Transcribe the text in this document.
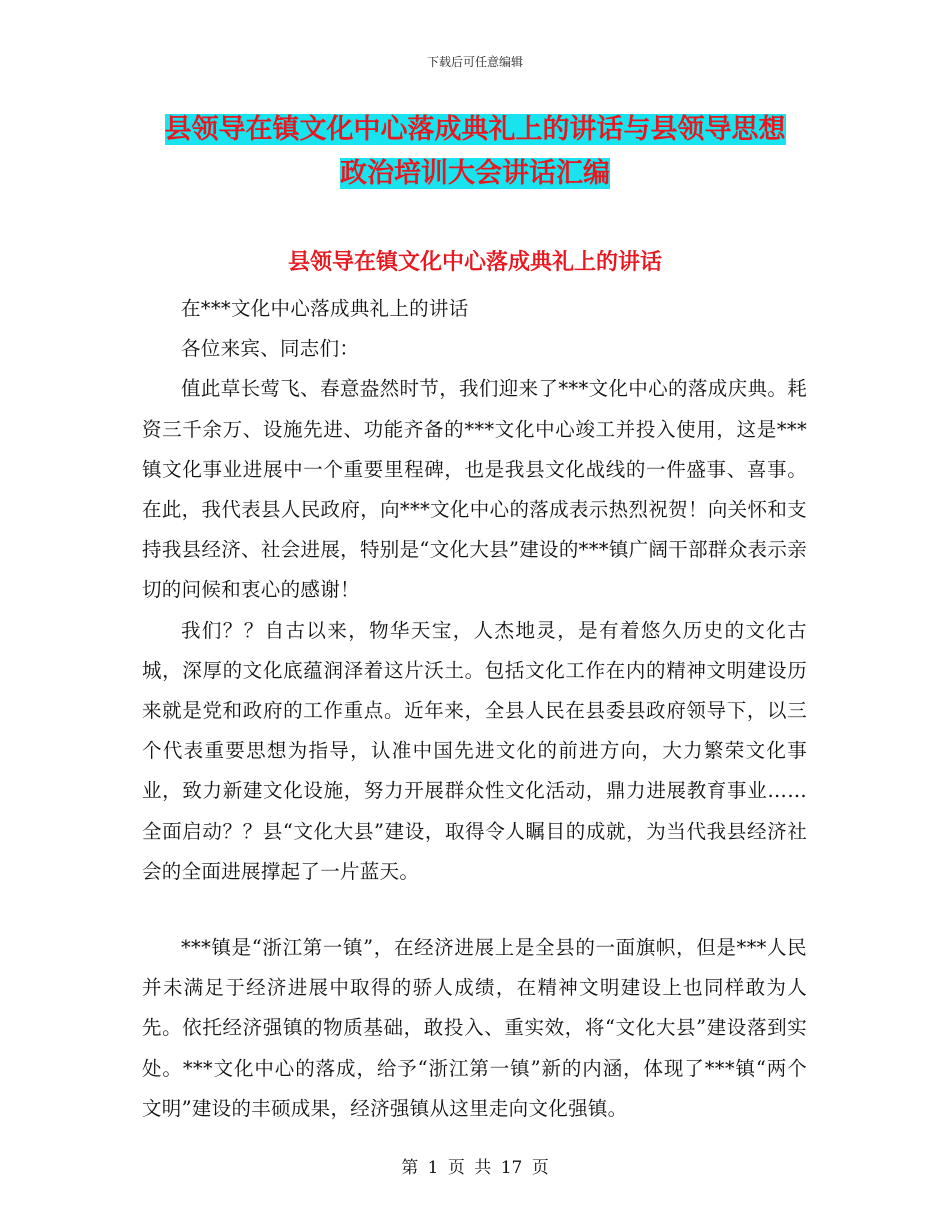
下载后可任意编辑
县领导在镇文化中心落成典礼上的讲话与县领导思想
政治培训大会讲话汇编
县领导在镇文化中心落成典礼上的讲话

在***文化中心落成典礼上的讲话

各位来宾、同志们：

值此草长莺飞、春意盎然时节，我们迎来了***文化中心的落成庆典。耗资三千余万、设施先进、功能齐备的***文化中心竣工并投入使用，这是***镇文化事业进展中一个重要里程碑，也是我县文化战线的一件盛事、喜事。在此，我代表县人民政府，向***文化中心的落成表示热烈祝贺！向关怀和支持我县经济、社会进展，特别是“文化大县”建设的***镇广阔干部群众表示亲切的问候和衷心的感谢！

我们？？自古以来，物华天宝，人杰地灵，是有着悠久历史的文化古城，深厚的文化底蕴润泽着这片沃土。包括文化工作在内的精神文明建设历来就是党和政府的工作重点。近年来，全县人民在县委县政府领导下，以三个代表重要思想为指导，认准中国先进文化的前进方向，大力繁荣文化事业，致力新建文化设施，努力开展群众性文化活动，鼎力进展教育事业……全面启动？？县“文化大县”建设，取得令人瞩目的成就，为当代我县经济社会的全面进展撑起了一片蓝天。

***镇是“浙江第一镇”，在经济进展上是全县的一面旗帜，但是***人民并未满足于经济进展中取得的骄人成绩，在精神文明建设上也同样敢为人先。依托经济强镇的物质基础，敢投入、重实效，将“文化大县”建设落到实处。***文化中心的落成，给予“浙江第一镇”新的内涵，体现了***镇“两个文明”建设的丰硕成果，经济强镇从这里走向文化强镇。

第 1 页 共 17 页
